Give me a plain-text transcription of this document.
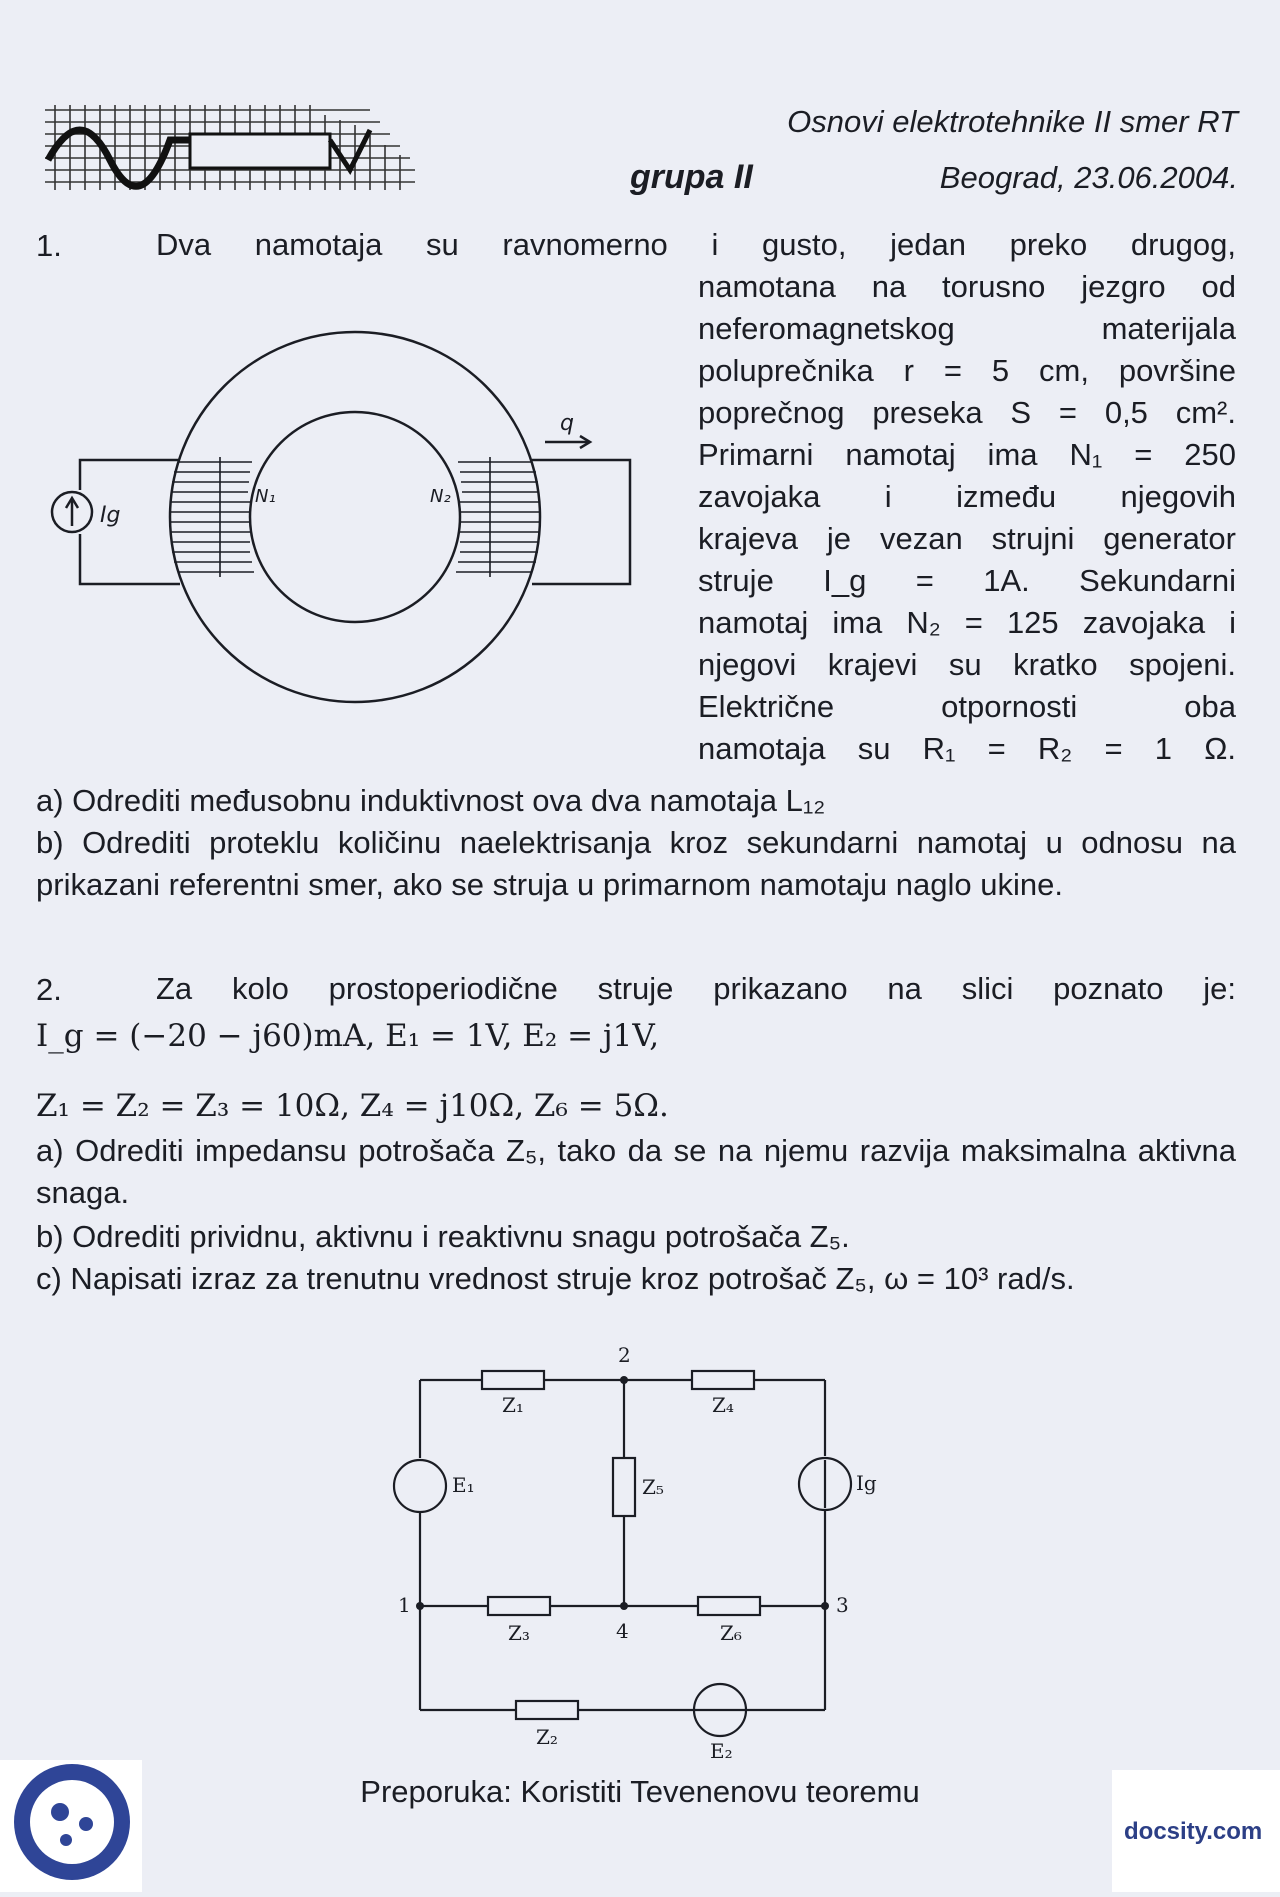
Osnovi elektrotehnike II smer RT
grupa II	Beograd, 23.06.2004.
1.	Dva namotaja su ravnomerno i gusto, jedan preko drugog,
namotana na torusno jezgro od
neferomagnetskog materijala
poluprečnika r = 5 cm, površine
poprečnog preseka S = 0,5 cm².
Primarni namotaj ima N₁ = 250
zavojaka i između njegovih
krajeva je vezan strujni generator
struje I_g = 1A. Sekundarni
namotaj ima N₂ = 125 zavojaka i
njegovi krajevi su kratko spojeni.
Električne otpornosti oba
namotaja su R₁ = R₂ = 1 Ω.
Ig
N₁	N₂
q
a) Odrediti međusobnu induktivnost ova dva namotaja L₁₂
b) Odrediti proteklu količinu naelektrisanja kroz sekundarni namotaj u odnosu na prikazani referentni smer, ako se struja u primarnom namotaju naglo ukine.
2.	Za kolo prostoperiodične struje prikazano na slici poznato je:
I_g = (−20 − j60)mA, E₁ = 1V, E₂ = j1V,
Z₁ = Z₂ = Z₃ = 10Ω, Z₄ = j10Ω, Z₆ = 5Ω.
a) Odrediti impedansu potrošača Z₅, tako da se na njemu razvija maksimalna aktivna snaga.
b) Odrediti prividnu, aktivnu i reaktivnu snagu potrošača Z₅.
c) Napisati izraz za trenutnu vrednost struje kroz potrošač Z₅, ω = 10³ rad/s.
Z₁	Z₄
Z₅
Z₃	Z₆
Z₂
E₁
E₂
Ig
1
2
3
4
Preporuka: Koristiti Tevenenovu teoremu
docsity.com
